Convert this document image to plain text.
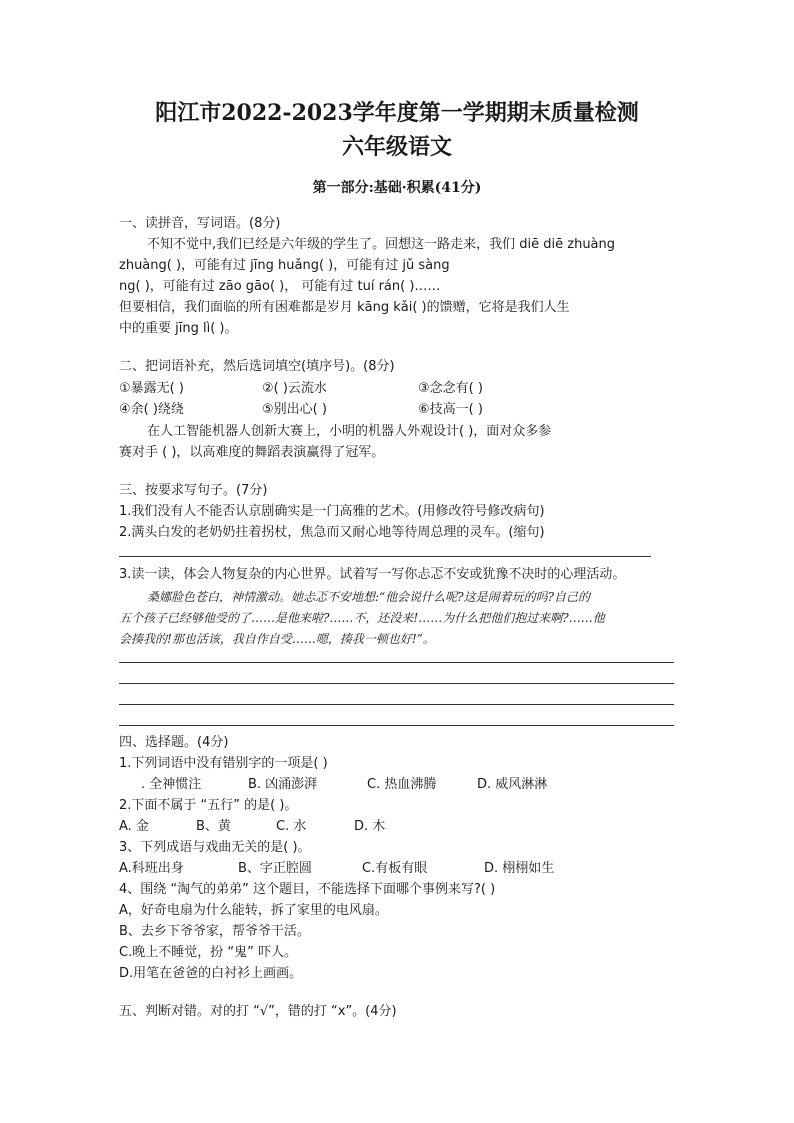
阳江市2022-2023学年度第一学期期末质量检测
六年级语文
第一部分:基础·积累(41分)
一、读拼音，写词语。(8分)
不知不觉中,我们已经是六年级的学生了。回想这一路走来，我们 diē diē zhuàng
zhuàng( )，可能有过 jīng huǎng( )，可能有过 jǔ sàng
ng( )，可能有过 zāo gāo( )， 可能有过 tuí rán( )……
但要相信，我们面临的所有困难都是岁月 kāng kǎi( )的馈赠，它将是我们人生
中的重要 jīng lì( )。
二、把词语补充，然后选词填空(填序号)。(8分)
①暴露无( )	②( )云流水	③念念有( )
④余( )绕绕	⑤别出心( )	⑥技高一( )
在人工智能机器人创新大赛上，小明的机器人外观设计( )，面对众多参
赛对手 ( )，以高难度的舞蹈表演赢得了冠军。
三、按要求写句子。(7分)
1.我们没有人不能否认京剧确实是一门高雅的艺术。(用修改符号修改病句)
2.满头白发的老奶奶拄着拐杖，焦急而又耐心地等待周总理的灵车。(缩句)
3.读一读，体会人物复杂的内心世界。试着写一写你忐忑不安或犹豫不决时的心理活动。
桑娜脸色苍白，神情激动。她忐忑不安地想:“他会说什么呢?这是闹着玩的吗?自己的
五个孩子已经够他受的了……是他来啦?……不，还没来!……为什么把他们抱过来啊?……他
会揍我的!那也活该，我自作自受……嗯，揍我一顿也好!”。
四、选择题。(4分)
1.下列词语中没有错别字的一项是( )
. 全神惯注	B. 凶涌澎湃	C. 热血沸腾	D. 威风淋淋
2.下面不属于 “五行” 的是( )。
A. 金	B、黄	C. 水	D. 木
3、下列成语与戏曲无关的是( )。
A.科班出身	B、字正腔圆	C.有板有眼	D. 栩栩如生
4、围绕 “淘气的弟弟” 这个题目，不能选择下面哪个事例来写?( )
A，好奇电扇为什么能转，拆了家里的电风扇。
B、去乡下爷爷家，帮爷爷干活。
C.晚上不睡觉，扮 “鬼” 吓人。
D.用笔在爸爸的白衬衫上画画。
五、判断对错。对的打 “√”，错的打 “x”。(4分)
